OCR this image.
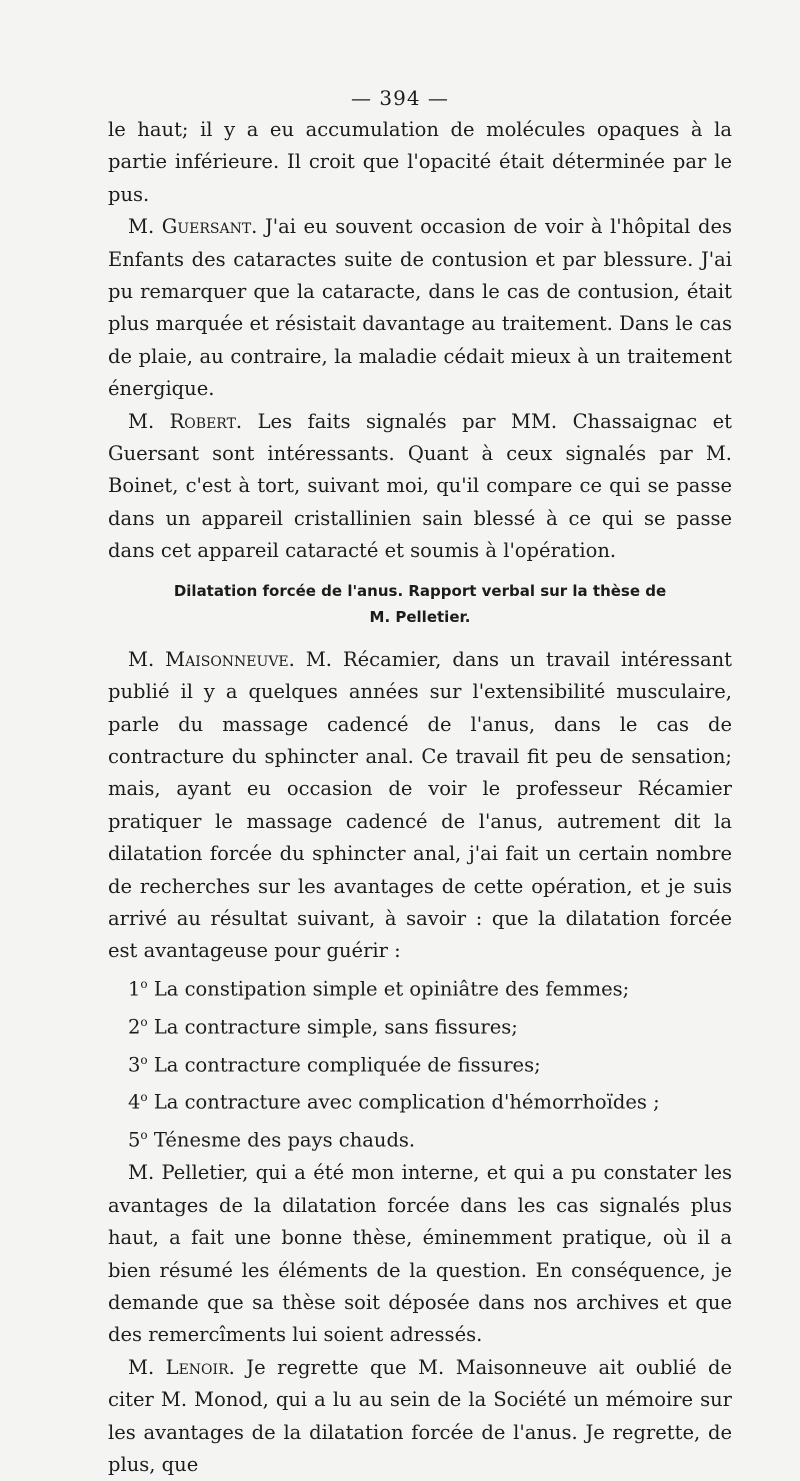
— 394 —

le haut; il y a eu accumulation de molécules opaques à la partie inférieure. Il croit que l'opacité était déterminée par le pus.

M. Guersant. J'ai eu souvent occasion de voir à l'hôpital des Enfants des cataractes suite de contusion et par blessure. J'ai pu remarquer que la cataracte, dans le cas de contusion, était plus marquée et résistait davantage au traitement. Dans le cas de plaie, au contraire, la maladie cédait mieux à un traitement énergique.

M. Robert. Les faits signalés par MM. Chassaignac et Guersant sont intéressants. Quant à ceux signalés par M. Boinet, c'est à tort, suivant moi, qu'il compare ce qui se passe dans un appareil cristallinien sain blessé à ce qui se passe dans cet appareil cataracté et soumis à l'opération.

Dilatation forcée de l'anus. Rapport verbal sur la thèse de
M. Pelletier.

M. Maisonneuve. M. Récamier, dans un travail intéressant publié il y a quelques années sur l'extensibilité musculaire, parle du massage cadencé de l'anus, dans le cas de contracture du sphincter anal. Ce travail fit peu de sensation; mais, ayant eu occasion de voir le professeur Récamier pratiquer le massage cadencé de l'anus, autrement dit la dilatation forcée du sphincter anal, j'ai fait un certain nombre de recherches sur les avantages de cette opération, et je suis arrivé au résultat suivant, à savoir : que la dilatation forcée est avantageuse pour guérir :

1$^o$ La constipation simple et opiniâtre des femmes;
2$^o$ La contracture simple, sans fissures;
3$^o$ La contracture compliquée de fissures;
4$^o$ La contracture avec complication d'hémorrhoïdes ;
5$^o$ Ténesme des pays chauds.

M. Pelletier, qui a été mon interne, et qui a pu constater les avantages de la dilatation forcée dans les cas signalés plus haut, a fait une bonne thèse, éminemment pratique, où il a bien résumé les éléments de la question. En conséquence, je demande que sa thèse soit déposée dans nos archives et que des remercîments lui soient adressés.

M. Lenoir. Je regrette que M. Maisonneuve ait oublié de citer M. Monod, qui a lu au sein de la Société un mémoire sur les avantages de la dilatation forcée de l'anus. Je regrette, de plus, que
